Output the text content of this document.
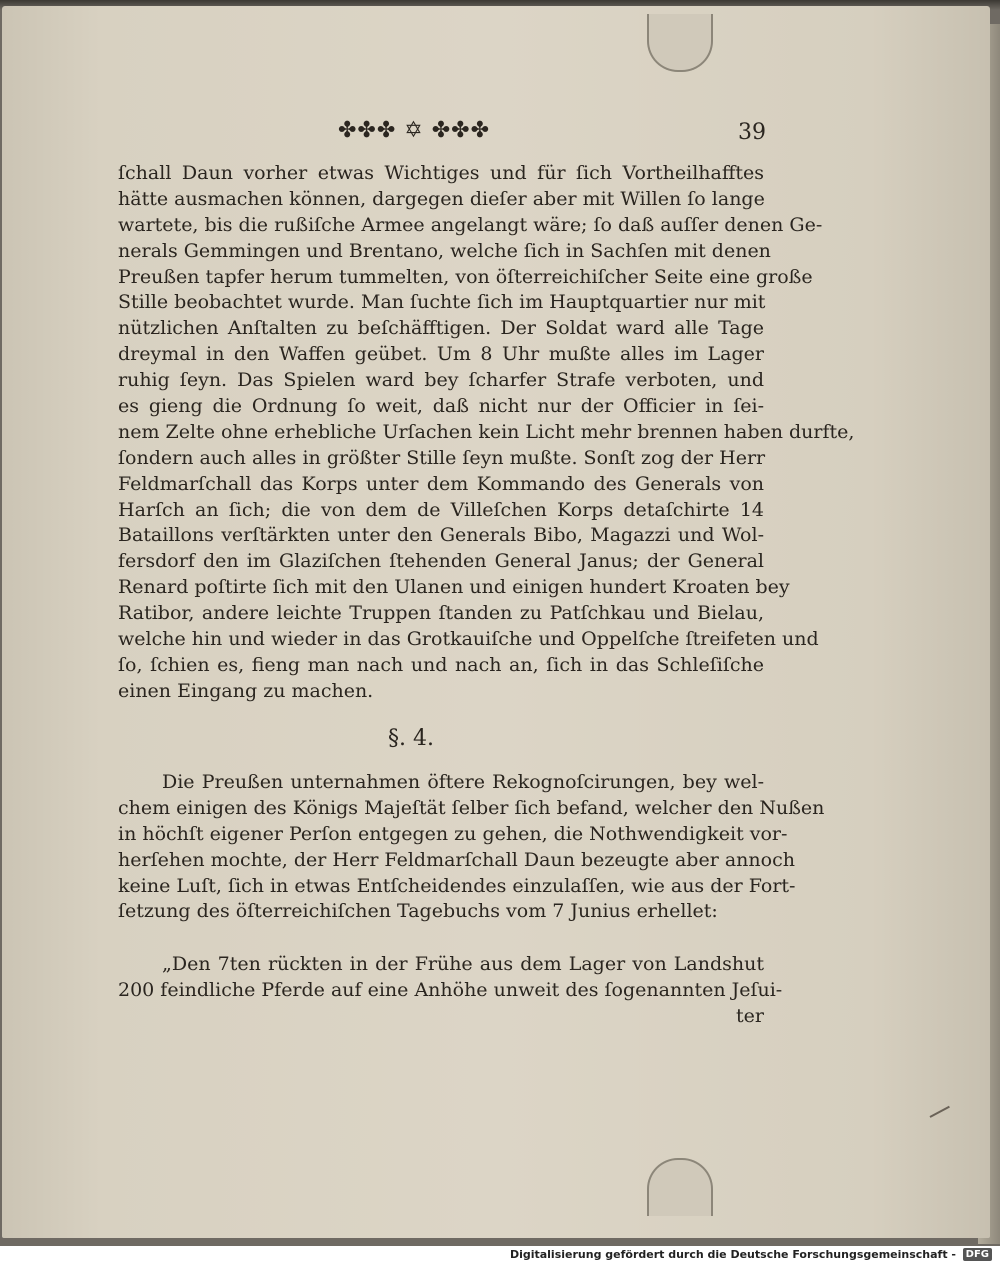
✤✤✤ ✡ ✤✤✤	39
ſchall Daun vorher etwas Wichtiges und für ſich Vortheilhafftes
hätte ausmachen können, dargegen dieſer aber mit Willen ſo lange
wartete, bis die rußiſche Armee angelangt wäre; ſo daß auſſer denen Ge-
nerals Gemmingen und Brentano, welche ſich in Sachſen mit denen
Preußen tapfer herum tummelten, von öſterreichiſcher Seite eine große
Stille beobachtet wurde. Man ſuchte ſich im Hauptquartier nur mit
nützlichen Anſtalten zu beſchäfftigen. Der Soldat ward alle Tage
dreymal in den Waffen geübet. Um 8 Uhr mußte alles im Lager
ruhig ſeyn. Das Spielen ward bey ſcharfer Strafe verboten, und
es gieng die Ordnung ſo weit, daß nicht nur der Officier in ſei-
nem Zelte ohne erhebliche Urſachen kein Licht mehr brennen haben durfte,
ſondern auch alles in größter Stille ſeyn mußte. Sonſt zog der Herr
Feldmarſchall das Korps unter dem Kommando des Generals von
Harſch an ſich; die von dem de Villeſchen Korps detaſchirte 14
Bataillons verſtärkten unter den Generals Bibo, Magazzi und Wol-
fersdorf den im Glaziſchen ſtehenden General Janus; der General
Renard poſtirte ſich mit den Ulanen und einigen hundert Kroaten bey
Ratibor, andere leichte Truppen ſtanden zu Patſchkau und Bielau,
welche hin und wieder in das Grotkauiſche und Oppelſche ſtreifeten und
ſo, ſchien es, fieng man nach und nach an, ſich in das Schleſiſche
einen Eingang zu machen.
§. 4.
Die Preußen unternahmen öftere Rekognoſcirungen, bey wel-
chem einigen des Königs Majeſtät ſelber ſich befand, welcher den Nußen
in höchſt eigener Perſon entgegen zu gehen, die Nothwendigkeit vor-
herſehen mochte, der Herr Feldmarſchall Daun bezeugte aber annoch
keine Luſt, ſich in etwas Entſcheidendes einzulaſſen, wie aus der Fort-
ſetzung des öſterreichiſchen Tagebuchs vom 7 Junius erhellet:
„Den 7ten rückten in der Frühe aus dem Lager von Landshut
200 feindliche Pferde auf eine Anhöhe unweit des ſogenannten Jeſui-
ter
Digitalisierung gefördert durch die Deutsche Forschungsgemeinschaft - DFG
